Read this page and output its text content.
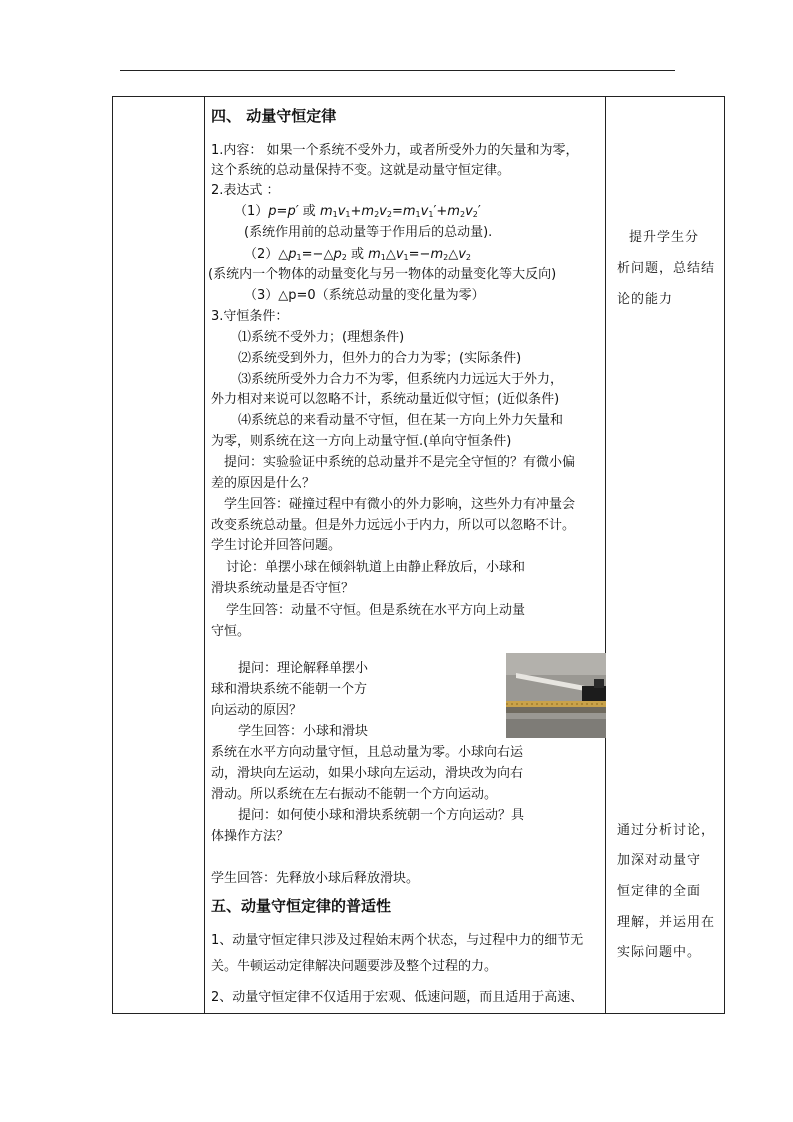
四、 动量守恒定律
1.内容： 如果一个系统不受外力，或者所受外力的矢量和为零，
这个系统的总动量保持不变。这就是动量守恒定律。
2.表达式 ：
（1）p=p′ 或 $m_1v_1+m_2v_2=m_1v_1'+m_2v_2'$
(系统作用前的总动量等于作用后的总动量).
$(2)\triangle p_1=-\triangle p_2$ 或 $m_1\triangle v_1=-m_2\triangle v_2$
(系统内一个物体的动量变化与另一物体的动量变化等大反向)
（3）△p=0（系统总动量的变化量为零）
3.守恒条件：
⑴系统不受外力；(理想条件)
⑵系统受到外力，但外力的合力为零；(实际条件)
⑶系统所受外力合力不为零，但系统内力远远大于外力，
外力相对来说可以忽略不计，系统动量近似守恒；(近似条件)
⑷系统总的来看动量不守恒，但在某一方向上外力矢量和
为零，则系统在这一方向上动量守恒.(单向守恒条件)
提问：实验验证中系统的总动量并不是完全守恒的？有微小偏
差的原因是什么？
学生回答：碰撞过程中有微小的外力影响，这些外力有冲量会
改变系统总动量。但是外力远远小于内力，所以可以忽略不计。
学生讨论并回答问题。
讨论：单摆小球在倾斜轨道上由静止释放后，小球和
滑块系统动量是否守恒？
学生回答：动量不守恒。但是系统在水平方向上动量
守恒。
提问：理论解释单摆小
球和滑块系统不能朝一个方
向运动的原因？
学生回答：小球和滑块
系统在水平方向动量守恒，且总动量为零。小球向右运
动，滑块向左运动，如果小球向左运动，滑块改为向右
滑动。所以系统在左右振动不能朝一个方向运动。
提问：如何使小球和滑块系统朝一个方向运动？具
体操作方法？
学生回答：先释放小球后释放滑块。
五、动量守恒定律的普适性
1、动量守恒定律只涉及过程始末两个状态，与过程中力的细节无
关。牛顿运动定律解决问题要涉及整个过程的力。
2、动量守恒定律不仅适用于宏观、低速问题，而且适用于高速、
提升学生分
析问题，总结结
论的能力
通过分析讨论，
加深对动量守
恒定律的全面
理解，并运用在
实际问题中。
